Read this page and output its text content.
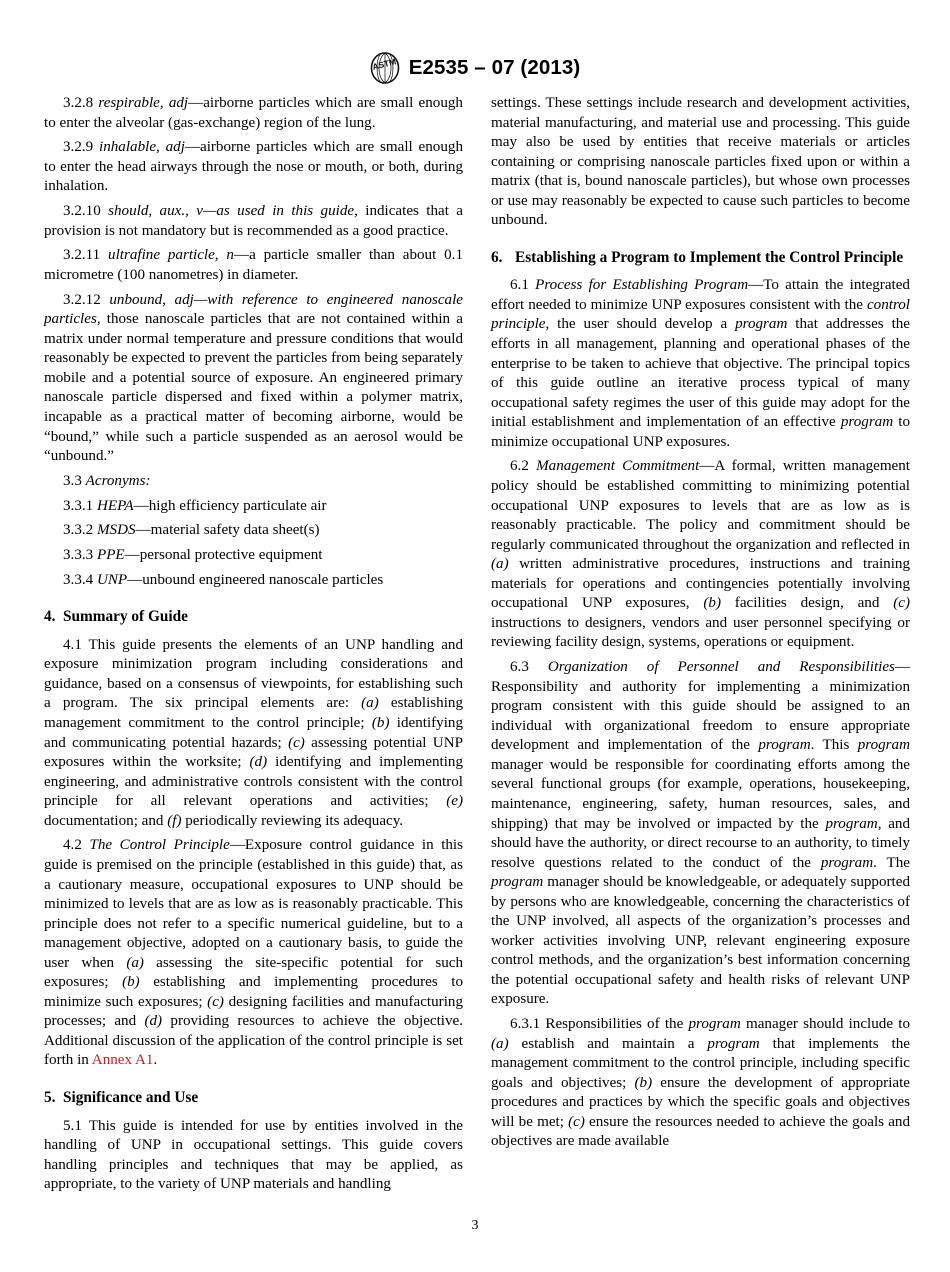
ASTM E2535 – 07 (2013)

3.2.8 respirable, adj—airborne particles which are small enough to enter the alveolar (gas-exchange) region of the lung.

3.2.9 inhalable, adj—airborne particles which are small enough to enter the head airways through the nose or mouth, or both, during inhalation.

3.2.10 should, aux., v—as used in this guide, indicates that a provision is not mandatory but is recommended as a good practice.

3.2.11 ultrafine particle, n—a particle smaller than about 0.1 micrometre (100 nanometres) in diameter.

3.2.12 unbound, adj—with reference to engineered nanoscale particles, those nanoscale particles that are not contained within a matrix under normal temperature and pressure conditions that would reasonably be expected to prevent the particles from being separately mobile and a potential source of exposure. An engineered primary nanoscale particle dispersed and fixed within a polymer matrix, incapable as a practical matter of becoming airborne, would be “bound,” while such a particle suspended as an aerosol would be “unbound.”

3.3 Acronyms:

3.3.1 HEPA—high efficiency particulate air

3.3.2 MSDS—material safety data sheet(s)

3.3.3 PPE—personal protective equipment

3.3.4 UNP—unbound engineered nanoscale particles

4. Summary of Guide

4.1 This guide presents the elements of an UNP handling and exposure minimization program including considerations and guidance, based on a consensus of viewpoints, for establishing such a program. The six principal elements are: (a) establishing management commitment to the control principle; (b) identifying and communicating potential hazards; (c) assessing potential UNP exposures within the worksite; (d) identifying and implementing engineering, and administrative controls consistent with the control principle for all relevant operations and activities; (e) documentation; and (f) periodically reviewing its adequacy.

4.2 The Control Principle—Exposure control guidance in this guide is premised on the principle (established in this guide) that, as a cautionary measure, occupational exposures to UNP should be minimized to levels that are as low as is reasonably practicable. This principle does not refer to a specific numerical guideline, but to a management objective, adopted on a cautionary basis, to guide the user when (a) assessing the site-specific potential for such exposures; (b) establishing and implementing procedures to minimize such exposures; (c) designing facilities and manufacturing processes; and (d) providing resources to achieve the objective. Additional discussion of the application of the control principle is set forth in Annex A1.

5. Significance and Use

5.1 This guide is intended for use by entities involved in the handling of UNP in occupational settings. This guide covers handling principles and techniques that may be applied, as appropriate, to the variety of UNP materials and handling

settings. These settings include research and development activities, material manufacturing, and material use and processing. This guide may also be used by entities that receive materials or articles containing or comprising nanoscale particles fixed upon or within a matrix (that is, bound nanoscale particles), but whose own processes or use may reasonably be expected to cause such particles to become unbound.

6. Establishing a Program to Implement the Control Principle

6.1 Process for Establishing Program—To attain the integrated effort needed to minimize UNP exposures consistent with the control principle, the user should develop a program that addresses the efforts in all management, planning and operational phases of the enterprise to be taken to achieve that objective. The principal topics of this guide outline an iterative process typical of many occupational safety regimes the user of this guide may adopt for the initial establishment and implementation of an effective program to minimize occupational UNP exposures.

6.2 Management Commitment—A formal, written management policy should be established committing to minimizing potential occupational UNP exposures to levels that are as low as is reasonably practicable. The policy and commitment should be regularly communicated throughout the organization and reflected in (a) written administrative procedures, instructions and training materials for operations and contingencies potentially involving occupational UNP exposures, (b) facilities design, and (c) instructions to designers, vendors and user personnel specifying or reviewing facility design, systems, operations or equipment.

6.3 Organization of Personnel and Responsibilities—Responsibility and authority for implementing a minimization program consistent with this guide should be assigned to an individual with organizational freedom to ensure appropriate development and implementation of the program. This program manager would be responsible for coordinating efforts among the several functional groups (for example, operations, housekeeping, maintenance, engineering, safety, human resources, sales, and shipping) that may be involved or impacted by the program, and should have the authority, or direct recourse to an authority, to timely resolve questions related to the conduct of the program. The program manager should be knowledgeable, or adequately supported by persons who are knowledgeable, concerning the characteristics of the UNP involved, all aspects of the organization’s processes and worker activities involving UNP, relevant engineering exposure control methods, and the organization’s best information concerning the potential occupational safety and health risks of relevant UNP exposure.

6.3.1 Responsibilities of the program manager should include to (a) establish and maintain a program that implements the management commitment to the control principle, including specific goals and objectives; (b) ensure the development of appropriate procedures and practices by which the specific goals and objectives will be met; (c) ensure the resources needed to achieve the goals and objectives are made available

3
